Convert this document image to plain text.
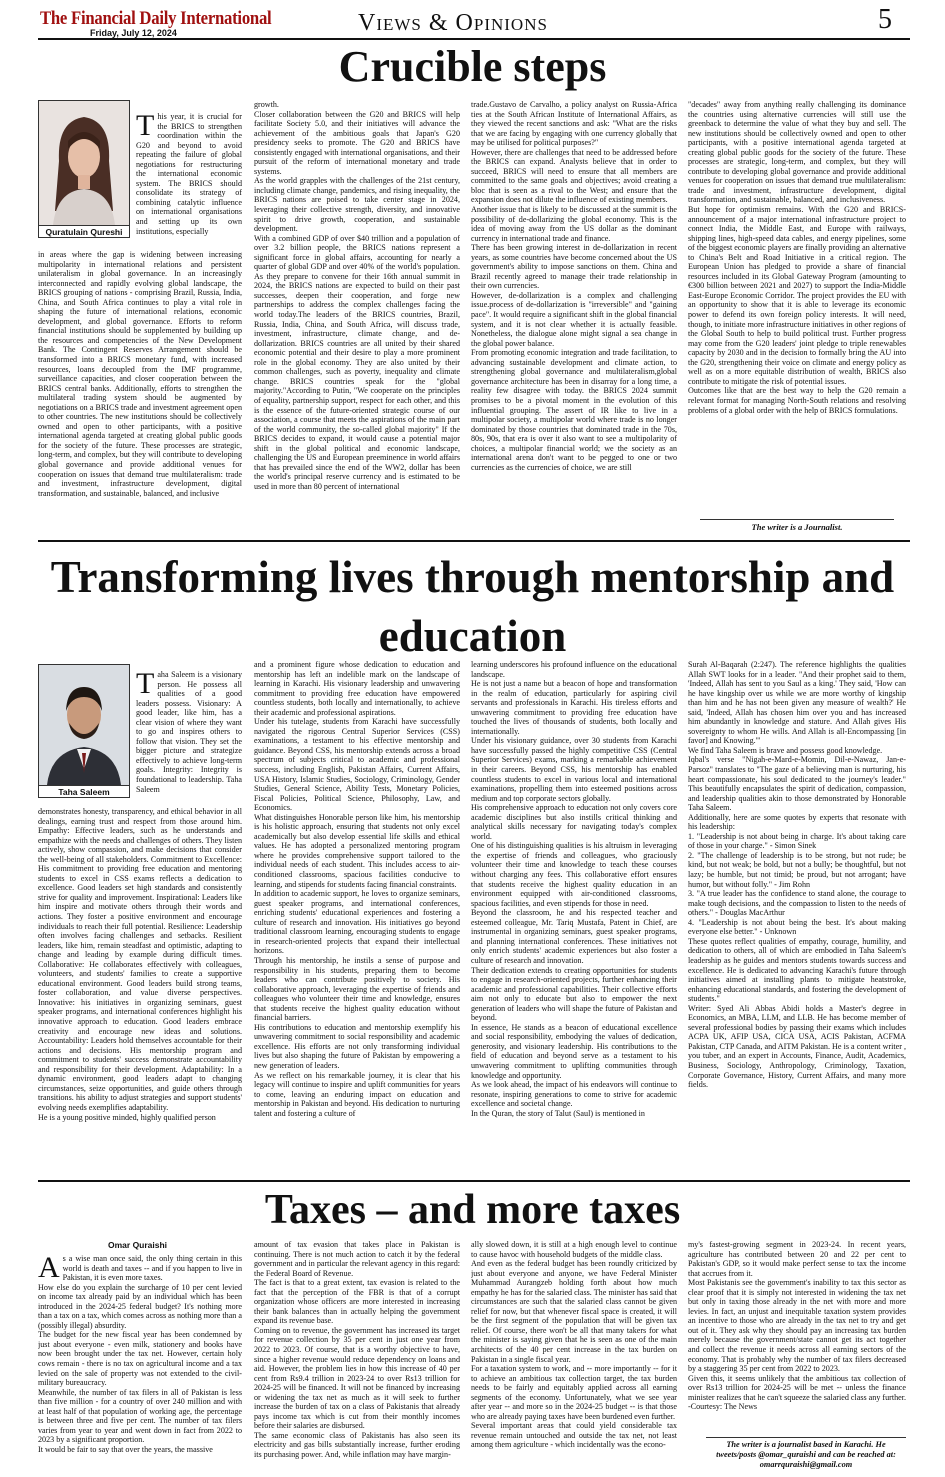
The Financial Daily International
Friday, July 12, 2024	Views & Opinions	5
Crucible steps
Quratulain Qureshi
This year, it is crucial for the BRICS to strengthen coordination within the G20 and beyond to avoid repeating the failure of global negotiations for restructuring the international economic system. The BRICS should consolidate its strategy of combining catalytic influence on international organisations and setting up its own institutions, especially
in areas where the gap is widening between increasing multipolarity in international relations and persistent unilateralism in global governance. In an increasingly interconnected and rapidly evolving global landscape, the BRICS grouping of nations - comprising Brazil, Russia, India, China, and South Africa continues to play a vital role in shaping the future of international relations, economic development, and global governance. Efforts to reform financial institutions should be supplemented by building up the resources and competencies of the New Development Bank. The Contingent Reserves Arrangement should be transformed into a BRICS monetary fund, with increased resources, loans decoupled from the IMF programme, surveillance capacities, and closer cooperation between the BRICS central banks. Additionally, efforts to strengthen the multilateral trading system should be augmented by negotiations on a BRICS trade and investment agreement open to other countries. The new institutions should be collectively owned and open to other participants, with a positive international agenda targeted at creating global public goods for the society of the future. These processes are strategic, long-term, and complex, but they will contribute to developing global governance and provide additional venues for cooperation on issues that demand true multilateralism: trade and investment, infrastructure development, digital transformation, and sustainable, balanced, and inclusive
growth.
Closer collaboration between the G20 and BRICS will help facilitate Society 5.0, and their initiatives will advance the achievement of the ambitious goals that Japan's G20 presidency seeks to promote. The G20 and BRICS have consistently engaged with international organisations, and their pursuit of the reform of international monetary and trade systems.
As the world grapples with the challenges of the 21st century, including climate change, pandemics, and rising inequality, the BRICS nations are poised to take center stage in 2024, leveraging their collective strength, diversity, and innovative spirit to drive growth, cooperation, and sustainable development.
With a combined GDP of over $40 trillion and a population of over 3.2 billion people, the BRICS nations represent a significant force in global affairs, accounting for nearly a quarter of global GDP and over 40% of the world's population. As they prepare to convene for their 16th annual summit in 2024, the BRICS nations are expected to build on their past successes, deepen their cooperation, and forge new partnerships to address the complex challenges facing the world today.The leaders of the BRICS countries, Brazil, Russia, India, China, and South Africa, will discuss trade, investment, infrastructure, climate change, and de-dollarization. BRICS countries are all united by their shared economic potential and their desire to play a more prominent role in the global economy. They are also united by their common challenges, such as poverty, inequality and climate change. BRICS countries speak for the "global majority."According to Putin, "We cooperate on the principles of equality, partnership support, respect for each other, and this is the essence of the future-oriented strategic course of our association, a course that meets the aspirations of the main part of the world community, the so-called global majority" If the BRICS decides to expand, it would cause a potential major shift in the global political and economic landscape, challenging the US and European preeminence in world affairs that has prevailed since the end of the WW2, dollar has been the world's principal reserve currency and is estimated to be used in more than 80 percent of international
trade.Gustavo de Carvalho, a policy analyst on Russia-Africa ties at the South African Institute of International Affairs, as they viewed the recent sanctions and ask: "What are the risks that we are facing by engaging with one currency globally that may be utilised for political purposes?"
However, there are challenges that need to be addressed before the BRICS can expand. Analysts believe that in order to succeed, BRICS will need to ensure that all members are committed to the same goals and objectives; avoid creating a bloc that is seen as a rival to the West; and ensure that the expansion does not dilute the influence of existing members.
Another issue that is likely to be discussed at the summit is the possibility of de-dollarizing the global economy. This is the idea of moving away from the US dollar as the dominant currency in international trade and finance.
There has been growing interest in de-dollarization in recent years, as some countries have become concerned about the US government's ability to impose sanctions on them. China and Brazil recently agreed to manage their trade relationship in their own currencies.
However, de-dollarization is a complex and challenging issue.process of de-dollarization is "irreversible" and "gaining pace". It would require a significant shift in the global financial system, and it is not clear whether it is actually feasible. Nonetheless, the dialogue alone might signal a sea change in the global power balance.
From promoting economic integration and trade facilitation, to advancing sustainable development and climate action, to strengthening global governance and multilateralism,global governance architecture has been in disarray for a long time, a reality few disagree with today. the BRICS 2024 summit promises to be a pivotal moment in the evolution of this influential grouping. The assert of IR like to live in a multipolar society, a multipolar world where trade is no longer dominated by those countries that dominated trade in the 70s, 80s, 90s, that era is over it also want to see a multipolarity of choices, a multipolar financial world; we the society as an international arena don't want to be pegged to one or two currencies as the currencies of choice, we are still
"decades" away from anything really challenging its dominance the countries using alternative currencies will still use the greenback to determine the value of what they buy and sell. The new institutions should be collectively owned and open to other participants, with a positive international agenda targeted at creating global public goods for the society of the future. These processes are strategic, long-term, and complex, but they will contribute to developing global governance and provide additional venues for cooperation on issues that demand true multilateralism: trade and investment, infrastructure development, digital transformation, and sustainable, balanced, and inclusiveness.
But hope for optimism remains. With the G20 and BRICS-announcement of a major international infrastructure project to connect India, the Middle East, and Europe with railways, shipping lines, high-speed data cables, and energy pipelines, some of the biggest economic players are finally providing an alternative to China's Belt and Road Initiative in a critical region. The European Union has pledged to provide a share of financial resources included in its Global Gateway Program (amounting to €300 billion between 2021 and 2027) to support the India-Middle East-Europe Economic Corridor. The project provides the EU with an opportunity to show that it is able to leverage its economic power to defend its own foreign policy interests. It will need, though, to initiate more infrastructure initiatives in other regions of the Global South to help to build political trust. Further progress may come from the G20 leaders' joint pledge to triple renewables capacity by 2030 and in the decision to formally bring the AU into the G20, strengthening their voice on climate and energy policy as well as on a more equitable distribution of wealth, BRICS also contribute to mitigate the risk of potential issues.
Outcomes like that are the best way to help the G20 remain a relevant format for managing North-South relations and resolving problems of a global order with the help of BRICS formulations.
The writer is a Journalist.
Transforming lives through mentorship and education
Taha Saleem
Taha Saleem is a visionary person. He possess all qualities of a good leaders possess. Visionary: A good leader, like him, has a clear vision of where they want to go and inspires others to follow that vision. They set the bigger picture and strategize effectively to achieve long-term goals. Integrity: Integrity is foundational to leadership. Taha Saleem
demonstrates honesty, transparency, and ethical behavior in all dealings, earning trust and respect from those around him. Empathy: Effective leaders, such as he understands and empathize with the needs and challenges of others. They listen actively, show compassion, and make decisions that consider the well-being of all stakeholders. Commitment to Excellence: His commitment to providing free education and mentoring students to excel in CSS exams reflects a dedication to excellence. Good leaders set high standards and consistently strive for quality and improvement. Inspirational: Leaders like him inspire and motivate others through their words and actions. They foster a positive environment and encourage individuals to reach their full potential. Resilience: Leadership often involves facing challenges and setbacks. Resilient leaders, like him, remain steadfast and optimistic, adapting to change and leading by example during difficult times. Collaborative: He collaborates effectively with colleagues, volunteers, and students' families to create a supportive educational environment. Good leaders build strong teams, foster collaboration, and value diverse perspectives. Innovative: his initiatives in organizing seminars, guest speaker programs, and international conferences highlight his innovative approach to education. Good leaders embrace creativity and encourage new ideas and solutions. Accountability: Leaders hold themselves accountable for their actions and decisions. His mentorship program and commitment to students' success demonstrate accountability and responsibility for their development. Adaptability: In a dynamic environment, good leaders adapt to changing circumstances, seize opportunities, and guide others through transitions. his ability to adjust strategies and support students' evolving needs exemplifies adaptability.
He is a young positive minded, highly qualified person
and a prominent figure whose dedication to education and mentorship has left an indelible mark on the landscape of learning in Karachi. His visionary leadership and unwavering commitment to providing free education have empowered countless students, both locally and internationally, to achieve their academic and professional aspirations.
Under his tutelage, students from Karachi have successfully navigated the rigorous Central Superior Services (CSS) examinations, a testament to his effective mentorship and guidance. Beyond CSS, his mentorship extends across a broad spectrum of subjects critical to academic and professional success, including English, Pakistan Affairs, Current Affairs, USA History, Islamic Studies, Sociology, Criminology, Gender Studies, General Science, Ability Tests, Monetary Policies, Fiscal Policies, Political Science, Philosophy, Law, and Economics.
What distinguishes Honorable person like him, his mentorship is his holistic approach, ensuring that students not only excel academically but also develop essential life skills and ethical values. He has adopted a personalized mentoring program where he provides comprehensive support tailored to the individual needs of each student. This includes access to air-conditioned classrooms, spacious facilities conducive to learning, and stipends for students facing financial constraints.
In addition to academic support, he loves to organize seminars, guest speaker programs, and international conferences, enriching students' educational experiences and fostering a culture of research and innovation. His initiatives go beyond traditional classroom learning, encouraging students to engage in research-oriented projects that expand their intellectual horizons.
Through his mentorship, he instils a sense of purpose and responsibility in his students, preparing them to become leaders who can contribute positively to society. His collaborative approach, leveraging the expertise of friends and colleagues who volunteer their time and knowledge, ensures that students receive the highest quality education without financial barriers.
His contributions to education and mentorship exemplify his unwavering commitment to social responsibility and academic excellence. His efforts are not only transforming individual lives but also shaping the future of Pakistan by empowering a new generation of leaders.
As we reflect on his remarkable journey, it is clear that his legacy will continue to inspire and uplift communities for years to come, leaving an enduring impact on education and mentorship in Pakistan and beyond. His dedication to nurturing talent and fostering a culture of
learning underscores his profound influence on the educational landscape.
He is not just a name but a beacon of hope and transformation in the realm of education, particularly for aspiring civil servants and professionals in Karachi. His tireless efforts and unwavering commitment to providing free education have touched the lives of thousands of students, both locally and internationally.
Under his visionary guidance, over 30 students from Karachi have successfully passed the highly competitive CSS (Central Superior Services) exams, marking a remarkable achievement in their careers. Beyond CSS, his mentorship has enabled countless students to excel in various local and international examinations, propelling them into esteemed positions across medium and top corporate sectors globally.
His comprehensive approach to education not only covers core academic disciplines but also instills critical thinking and analytical skills necessary for navigating today's complex world.
One of his distinguishing qualities is his altruism in leveraging the expertise of friends and colleagues, who graciously volunteer their time and knowledge to teach these courses without charging any fees. This collaborative effort ensures that students receive the highest quality education in an environment equipped with air-conditioned classrooms, spacious facilities, and even stipends for those in need.
Beyond the classroom, he and his respected teacher and esteemed colleague, Mr. Tariq Mustafa, Patent in Chief, are instrumental in organizing seminars, guest speaker programs, and planning international conferences. These initiatives not only enrich students' academic experiences but also foster a culture of research and innovation.
Their dedication extends to creating opportunities for students to engage in research-oriented projects, further enhancing their academic and professional capabilities. Their collective efforts aim not only to educate but also to empower the next generation of leaders who will shape the future of Pakistan and beyond.
In essence, He stands as a beacon of educational excellence and social responsibility, embodying the values of dedication, generosity, and visionary leadership. His contributions to the field of education and beyond serve as a testament to his unwavering commitment to uplifting communities through knowledge and opportunity.
As we look ahead, the impact of his endeavors will continue to resonate, inspiring generations to come to strive for academic excellence and societal change.
In the Quran, the story of Talut (Saul) is mentioned in
Surah Al-Baqarah (2:247). The reference highlights the qualities Allah SWT looks for in a leader. "And their prophet said to them, 'Indeed, Allah has sent to you Saul as a king.' They said, 'How can he have kingship over us while we are more worthy of kingship than him and he has not been given any measure of wealth?' He said, 'Indeed, Allah has chosen him over you and has increased him abundantly in knowledge and stature. And Allah gives His sovereignty to whom He wills. And Allah is all-Encompassing [in favor] and Knowing.'"
We find Taha Saleem is brave and possess good knowledge.
Iqbal's verse "Nigah-e-Mard-e-Momin, Dil-e-Nawaz, Jan-e-Parsoz" translates to "The gaze of a believing man is nurturing, his heart compassionate, his soul dedicated to the journey's leader." This beautifully encapsulates the spirit of dedication, compassion, and leadership qualities akin to those demonstrated by Honorable Taha Saleem.
Additionally, here are some quotes by experts that resonate with his leadership:
1. "Leadership is not about being in charge. It's about taking care of those in your charge." - Simon Sinek
2. "The challenge of leadership is to be strong, but not rude; be kind, but not weak; be bold, but not a bully; be thoughtful, but not lazy; be humble, but not timid; be proud, but not arrogant; have humor, but without folly." - Jim Rohn
3. "A true leader has the confidence to stand alone, the courage to make tough decisions, and the compassion to listen to the needs of others." - Douglas MacArthur
4. "Leadership is not about being the best. It's about making everyone else better." - Unknown
These quotes reflect qualities of empathy, courage, humility, and dedication to others, all of which are embodied in Taha Saleem's leadership as he guides and mentors students towards success and excellence. He is dedicated to advancing Karachi's future through initiatives aimed at installing plants to mitigate heatstroke, enhancing educational standards, and fostering the development of students."
Writer: Syed Ali Abbas Abidi holds a Master's degree in Economics, an MBA, LLM, and LLB. He has become member of several professional bodies by passing their exams which includes ACPA UK, AFIP USA, CICA USA, ACIS Pakistan, ACFMA Pakistan, CTP Canada, and AITM Pakistan. He is a content writer , you tuber, and an expert in Accounts, Finance, Audit, Academics, Business, Sociology, Anthropology, Criminology, Taxation, Corporate Governance, History, Current Affairs, and many more fields.
Taxes – and more taxes
Omar Quraishi
As a wise man once said, the only thing certain in this world is death and taxes -- and if you happen to live in Pakistan, it is even more taxes.
How else do you explain the surcharge of 10 per cent levied on income tax already paid by an individual which has been introduced in the 2024-25 federal budget? It's nothing more than a tax on a tax, which comes across as nothing more than a (possibly illegal) absurdity.
The budget for the new fiscal year has been condemned by just about everyone - even milk, stationery and books have now been brought under the tax net. However, certain holy cows remain - there is no tax on agricultural income and a tax levied on the sale of property was not extended to the civil-military bureaucracy.
Meanwhile, the number of tax filers in all of Pakistan is less than five million - for a country of over 240 million and with at least half of that population of working age, the percentage is between three and five per cent. The number of tax filers varies from year to year and went down in fact from 2022 to 2023 by a significant proportion.
It would be fair to say that over the years, the massive
amount of tax evasion that takes place in Pakistan is continuing. There is not much action to catch it by the federal government and in particular the relevant agency in this regard: the Federal Board of Revenue.
The fact is that to a great extent, tax evasion is related to the fact that the perception of the FBR is that of a corrupt organization whose officers are more interested in increasing their bank balances than in actually helping the government expand its revenue base.
Coming on to revenue, the government has increased its target for revenue collection by 35 per cent in just one year from 2022 to 2023. Of course, that is a worthy objective to have, since a higher revenue would reduce dependency on loans and aid. However, the problem lies in how this increase of 40 per cent from Rs9.4 trillion in 2023-24 to over Rs13 trillion for 2024-25 will be financed. It will not be financed by increasing or widening the tax net as much as it will seek to further increase the burden of tax on a class of Pakistanis that already pays income tax which is cut from their monthly incomes before their salaries are disbursed.
The same economic class of Pakistanis has also seen its electricity and gas bills substantially increase, further eroding its purchasing power. And, while inflation may have margin-
ally slowed down, it is still at a high enough level to continue to cause havoc with household budgets of the middle class.
And even as the federal budget has been roundly criticized by just about everyone and anyone, we have Federal Minister Muhammad Aurangzeb holding forth about how much empathy he has for the salaried class. The minister has said that circumstances are such that the salaried class cannot be given relief for now, but that whenever fiscal space is created, it will be the first segment of the population that will be given tax relief. Of course, there won't be all that many takers for what the minister is saying given that he is seen as one of the main architects of the 40 per cent increase in the tax burden on Pakistan in a single fiscal year.
For a taxation system to work, and -- more importantly -- for it to achieve an ambitious tax collection target, the tax burden needs to be fairly and equitably applied across all earning segments of the economy. Unfortunately, what we see year after year -- and more so in the 2024-25 budget -- is that those who are already paying taxes have been burdened even further.
Several important areas that could yield considerable tax revenue remain untouched and outside the tax net, not least among them agriculture - which incidentally was the econo-
my's fastest-growing segment in 2023-24. In recent years, agriculture has contributed between 20 and 22 per cent to Pakistan's GDP, so it would make perfect sense to tax the income that accrues from it.
Most Pakistanis see the government's inability to tax this sector as clear proof that it is simply not interested in widening the tax net but only in taxing those already in the net with more and more levies. In fact, an unjust and inequitable taxation system provides an incentive to those who are already in the tax net to try and get out of it. They ask why they should pay an increasing tax burden merely because the government/state cannot get its act together and collect the revenue it needs across all earning sectors of the economy. That is probably why the number of tax filers decreased by a staggering 35 per cent from 2022 to 2023.
Given this, it seems unlikely that the ambitious tax collection of over Rs13 trillion for 2024-25 will be met -- unless the finance minister realizes that he can't squeeze the salaried class any further. -Courtesy: The News
The writer is a journalist based in Karachi. He
tweets/posts @omar_quraishi and can be reached at:
omarrquraishi@gmail.com
